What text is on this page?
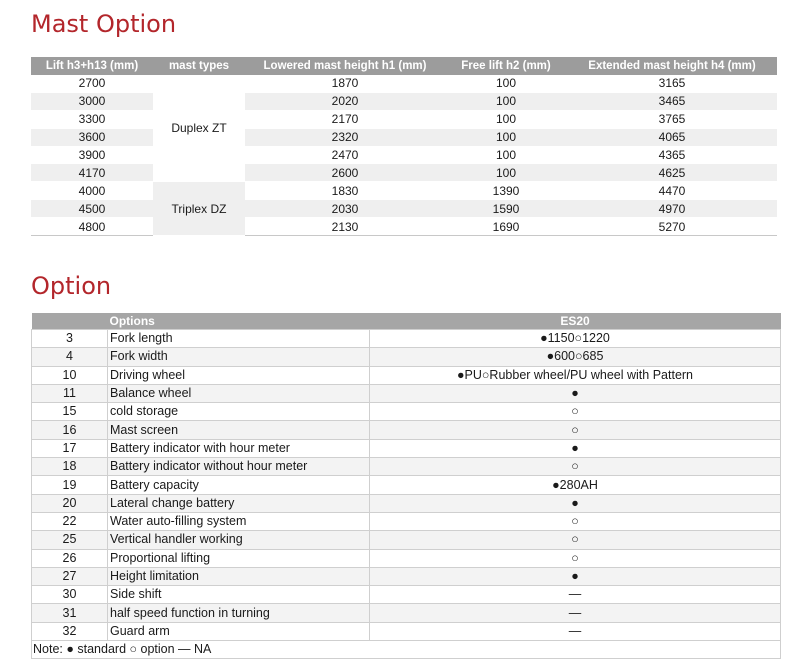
Mast Option
Lift h3+h13 (mm)	mast types	Lowered mast height h1 (mm)	Free lift h2 (mm)	Extended mast height h4 (mm)
2700	Duplex ZT	1870	100	3165
3000		2020	100	3465
3300		2170	100	3765
3600		2320	100	4065
3900		2470	100	4365
4170		2600	100	4625
4000	Triplex DZ	1830	1390	4470
4500		2030	1590	4970
4800		2130	1690	5270
Option
	Options	ES20
3	Fork length	●1150○1220
4	Fork width	●600○685
10	Driving wheel	●PU○Rubber wheel/PU wheel with Pattern
11	Balance wheel	●
15	cold storage	○
16	Mast screen	○
17	Battery indicator with hour meter	●
18	Battery indicator without hour meter	○
19	Battery capacity	●280AH
20	Lateral change battery	●
22	Water auto-filling system	○
25	Vertical handler working	○
26	Proportional lifting	○
27	Height limitation	●
30	Side shift	—
31	half speed function in turning	—
32	Guard arm	—
Note: ● standard ○ option — NA		
